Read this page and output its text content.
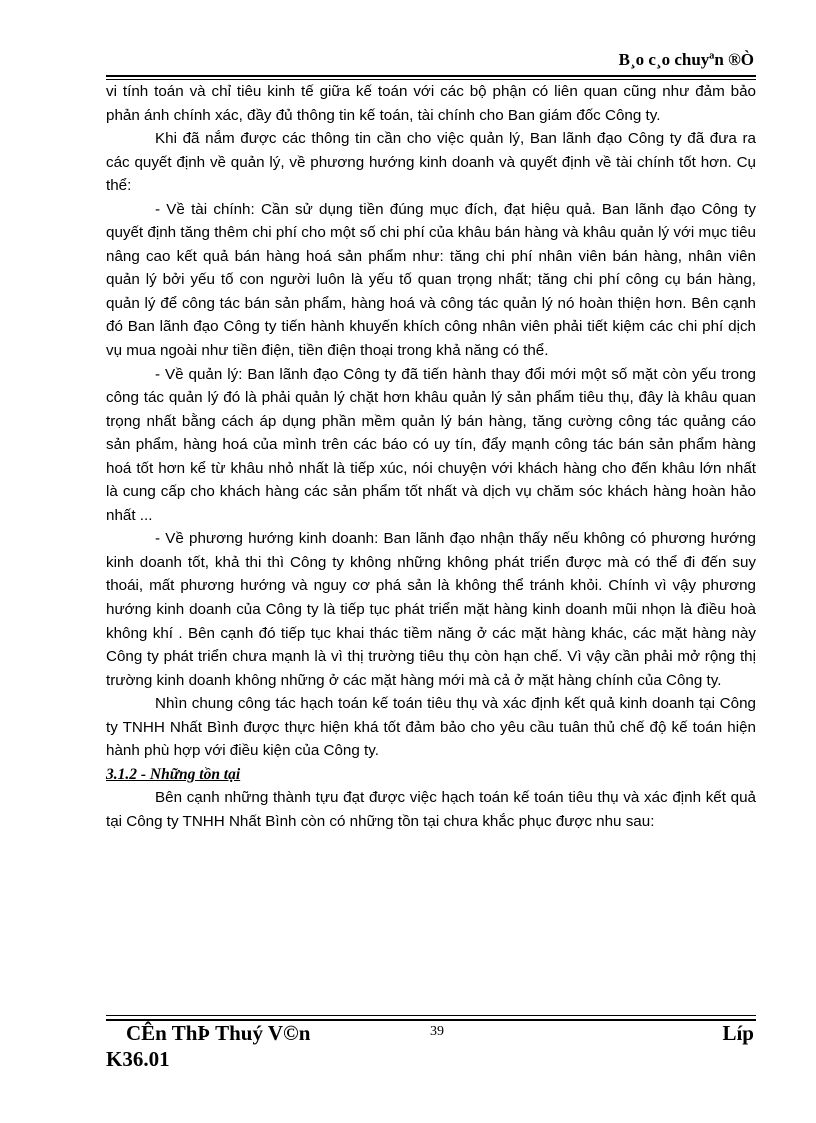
B¸o c¸o chuyªn ®Ò

vi tính toán và chỉ tiêu kinh tế giữa kế toán với các bộ phận có liên quan cũng như đảm bảo phản ánh chính xác, đầy đủ thông tin kế toán, tài chính cho Ban giám đốc Công ty.

Khi đã nắm được các thông tin cần cho việc quản lý, Ban lãnh đạo Công ty đã đưa ra các quyết định về quản lý, về phương hướng kinh doanh và quyết định về tài chính tốt hơn. Cụ thể:

- Về tài chính: Cần sử dụng tiền đúng mục đích, đạt hiệu quả. Ban lãnh đạo Công ty quyết định tăng thêm chi phí cho một số chi phí của khâu bán hàng và khâu quản lý với mục tiêu nâng cao kết quả bán hàng hoá sản phẩm như: tăng chi phí nhân viên bán hàng, nhân viên quản lý bởi yếu tố con người luôn là yếu tố quan trọng nhất; tăng chi phí công cụ bán hàng, quản lý để công tác bán sản phẩm, hàng hoá và công tác quản lý nó hoàn thiện hơn. Bên cạnh đó Ban lãnh đạo Công ty tiến hành khuyến khích công nhân viên phải tiết kiệm các chi phí dịch vụ mua ngoài như tiền điện, tiền điện thoại trong khả năng có thể.

- Về quản lý: Ban lãnh đạo Công ty đã tiến hành thay đổi mới một số mặt còn yếu trong công tác quản lý đó là phải quản lý chặt hơn khâu quản lý sản phẩm tiêu thụ, đây là khâu quan trọng nhất bằng cách áp dụng phần mềm quản lý bán hàng, tăng cường công tác quảng cáo sản phẩm, hàng hoá của mình trên các báo có uy tín, đẩy mạnh công tác bán sản phẩm hàng hoá tốt hơn kể từ khâu nhỏ nhất là tiếp xúc, nói chuyện với khách hàng cho đến khâu lớn nhất là cung cấp cho khách hàng các sản phẩm tốt nhất và dịch vụ chăm sóc khách hàng hoàn hảo nhất ...

- Về phương hướng kinh doanh: Ban lãnh đạo nhận thấy nếu không có phương hướng kinh doanh tốt, khả thi thì Công ty không những không phát triển được mà có thể đi đến suy thoái, mất phương hướng và nguy cơ phá sản là không thể tránh khỏi. Chính vì vậy phương hướng kinh doanh của Công ty là tiếp tục phát triển mặt hàng kinh doanh mũi nhọn là điều hoà không khí . Bên cạnh đó tiếp tục khai thác tiềm năng ở các mặt hàng khác, các mặt hàng này Công ty phát triển chưa mạnh là vì thị trường tiêu thụ còn hạn chế. Vì vậy cần phải mở rộng thị trường kinh doanh không những ở các mặt hàng mới mà cả ở mặt hàng chính của Công ty.

Nhìn chung công tác hạch toán kế toán tiêu thụ và xác định kết quả kinh doanh tại Công ty TNHH Nhất Bình được thực hiện khá tốt đảm bảo cho yêu cầu tuân thủ chế độ kế toán hiện hành phù hợp với điều kiện của Công ty.

3.1.2 - Những tồn tại

Bên cạnh những thành tựu đạt được việc hạch toán kế toán tiêu thụ và xác định kết quả tại Công ty TNHH Nhất Bình còn có những tồn tại chưa khắc phục được nhu sau:

CÊn ThÞ Thuý V©n	39	Líp
K36.01
